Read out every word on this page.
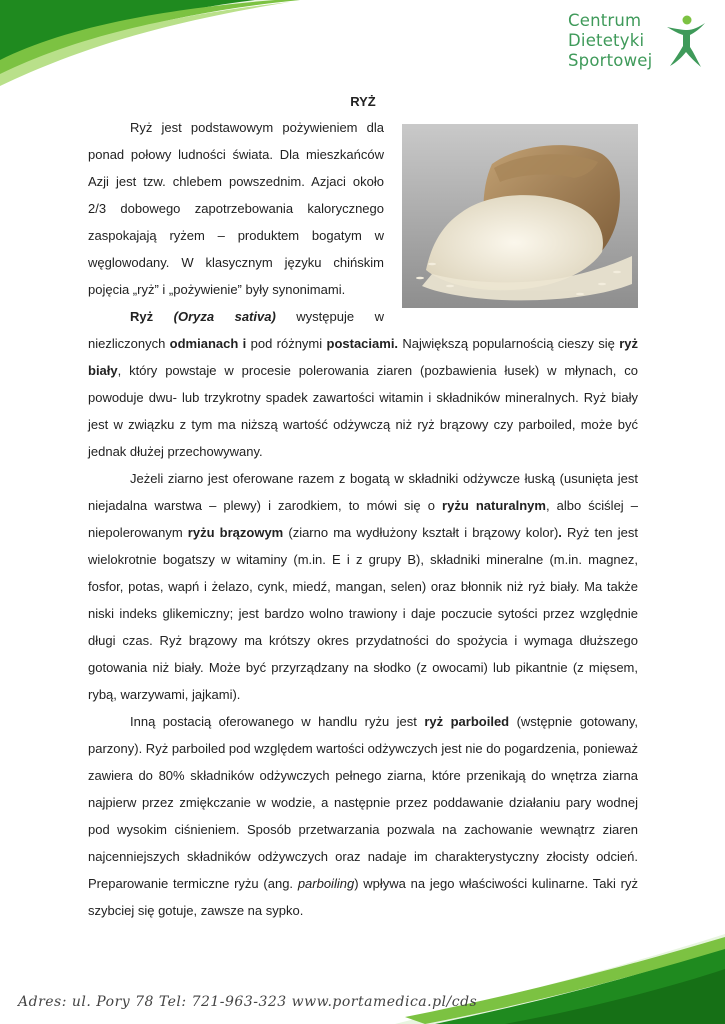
Centrum
Dietetyki
Sportowej
RYŻ
Ryż jest podstawowym pożywieniem dla
ponad połowy ludności świata. Dla mieszkańców
Azji jest tzw. chlebem powszednim. Azjaci około
2/3 dobowego zapotrzebowania kalorycznego
zaspokajają ryżem – produktem bogatym w
węglowodany. W klasycznym języku chińskim
pojęcia „ryż” i „pożywienie” były synonimami.
Ryż (Oryza sativa) występuje w

niezliczonych odmianach i pod różnymi postaciami. Największą popularnością cieszy się ryż biały, który powstaje w procesie polerowania ziaren (pozbawienia łusek) w młynach, co powoduje dwu- lub trzykrotny spadek zawartości witamin i składników mineralnych. Ryż biały jest w związku z tym ma niższą wartość odżywczą niż ryż brązowy czy parboiled, może być jednak dłużej przechowywany.

Jeżeli ziarno jest oferowane razem z bogatą w składniki odżywcze łuską (usunięta jest niejadalna warstwa – plewy) i zarodkiem, to mówi się o ryżu naturalnym, albo ściślej – niepolerowanym ryżu brązowym (ziarno ma wydłużony kształt i brązowy kolor). Ryż ten jest wielokrotnie bogatszy w witaminy (m.in. E i z grupy B), składniki mineralne (m.in. magnez, fosfor, potas, wapń i żelazo, cynk, miedź, mangan, selen) oraz błonnik niż ryż biały. Ma także niski indeks glikemiczny; jest bardzo wolno trawiony i daje poczucie sytości przez względnie długi czas. Ryż brązowy ma krótszy okres przydatności do spożycia i wymaga dłuższego gotowania niż biały. Może być przyrządzany na słodko (z owocami) lub pikantnie (z mięsem, rybą, warzywami, jajkami).

Inną postacią oferowanego w handlu ryżu jest ryż parboiled (wstępnie gotowany, parzony). Ryż parboiled pod względem wartości odżywczych jest nie do pogardzenia, ponieważ zawiera do 80% składników odżywczych pełnego ziarna, które przenikają do wnętrza ziarna najpierw przez zmiękczanie w wodzie, a następnie przez poddawanie działaniu pary wodnej pod wysokim ciśnieniem. Sposób przetwarzania pozwala na zachowanie wewnątrz ziaren najcenniejszych składników odżywczych oraz nadaje im charakterystyczny złocisty odcień. Preparowanie termiczne ryżu (ang. parboiling) wpływa na jego właściwości kulinarne. Taki ryż szybciej się gotuje, zawsze na sypko.

Adres: ul. Pory 78 Tel: 721-963-323 www.portamedica.pl/cds
